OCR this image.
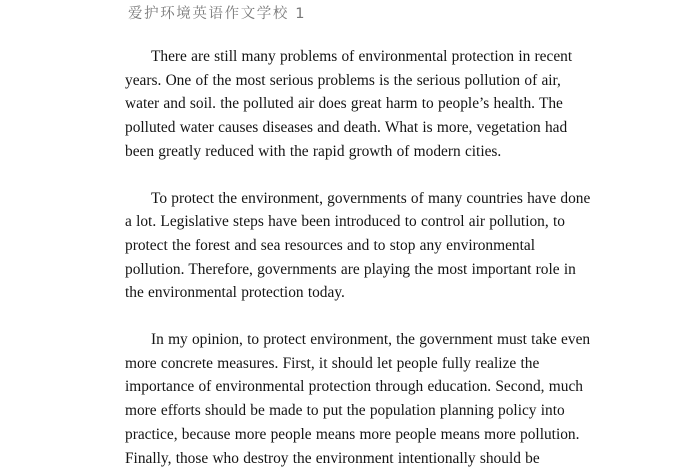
爱护环境英语作文学校 1

There are still many problems of environmental protection in recent years. One of the most serious problems is the serious pollution of air, water and soil. the polluted air does great harm to people’s health. The polluted water causes diseases and death. What is more, vegetation had been greatly reduced with the rapid growth of modern cities.

To protect the environment, governments of many countries have done a lot. Legislative steps have been introduced to control air pollution, to protect the forest and sea resources and to stop any environmental pollution. Therefore, governments are playing the most important role in the environmental protection today.

In my opinion, to protect environment, the government must take even more concrete measures. First, it should let people fully realize the importance of environmental protection through education. Second, much more efforts should be made to put the population planning policy into practice, because more people means more people means more pollution. Finally, those who destroy the environment intentionally should be
